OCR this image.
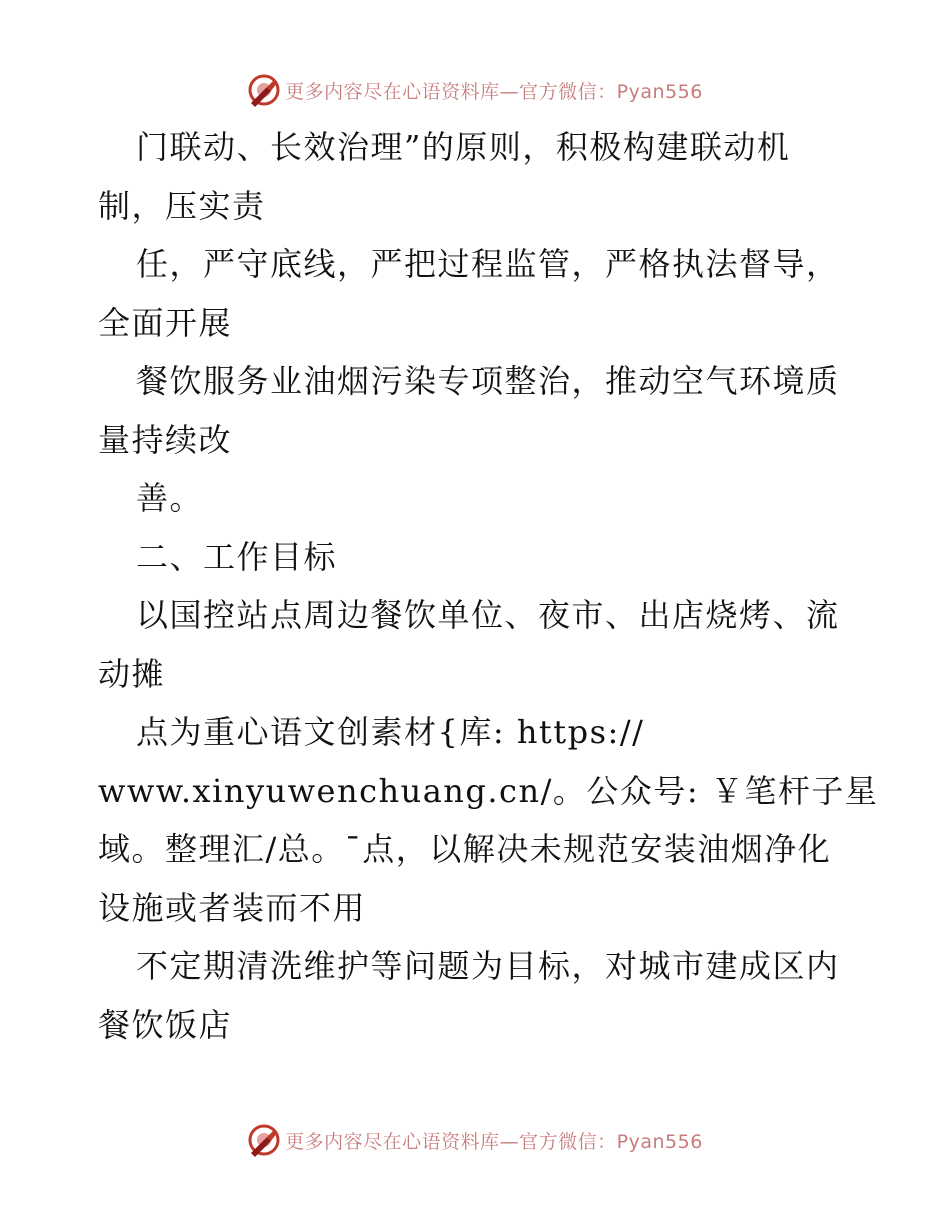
更多内容尽在心语资料库—官方微信：Pyan556
门联动、长效治理”的原则，积极构建联动机
制，压实责
任，严守底线，严把过程监管，严格执法督导，
全面开展
餐饮服务业油烟污染专项整治，推动空气环境质
量持续改
善。
二、工作目标
以国控站点周边餐饮单位、夜市、出店烧烤、流
动摊
点为重心语文创素材{库: https://
www.xinyuwenchuang.cn/。公众号: ￥笔杆子星
域。整理汇/总。¯点，以解决未规范安装油烟净化
设施或者装而不用
不定期清洗维护等问题为目标，对城市建成区内
餐饮饭店
更多内容尽在心语资料库—官方微信：Pyan556
